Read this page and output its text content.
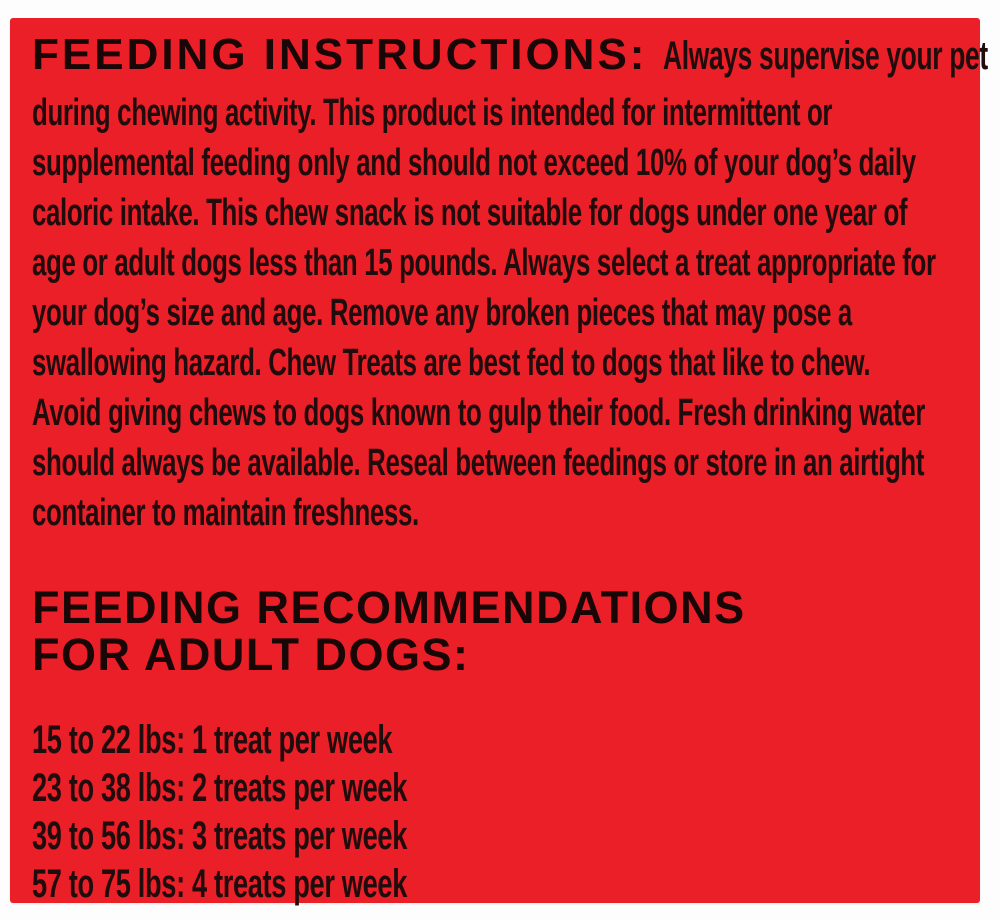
FEEDING INSTRUCTIONS: Always supervise your pet
during chewing activity. This product is intended for intermittent or
supplemental feeding only and should not exceed 10% of your dog’s daily
caloric intake. This chew snack is not suitable for dogs under one year of
age or adult dogs less than 15 pounds. Always select a treat appropriate for
your dog’s size and age. Remove any broken pieces that may pose a
swallowing hazard. Chew Treats are best fed to dogs that like to chew.
Avoid giving chews to dogs known to gulp their food. Fresh drinking water
should always be available. Reseal between feedings or store in an airtight
container to maintain freshness.
FEEDING RECOMMENDATIONS
FOR ADULT DOGS:
15 to 22 lbs: 1 treat per week
23 to 38 lbs: 2 treats per week
39 to 56 lbs: 3 treats per week
57 to 75 lbs: 4 treats per week
